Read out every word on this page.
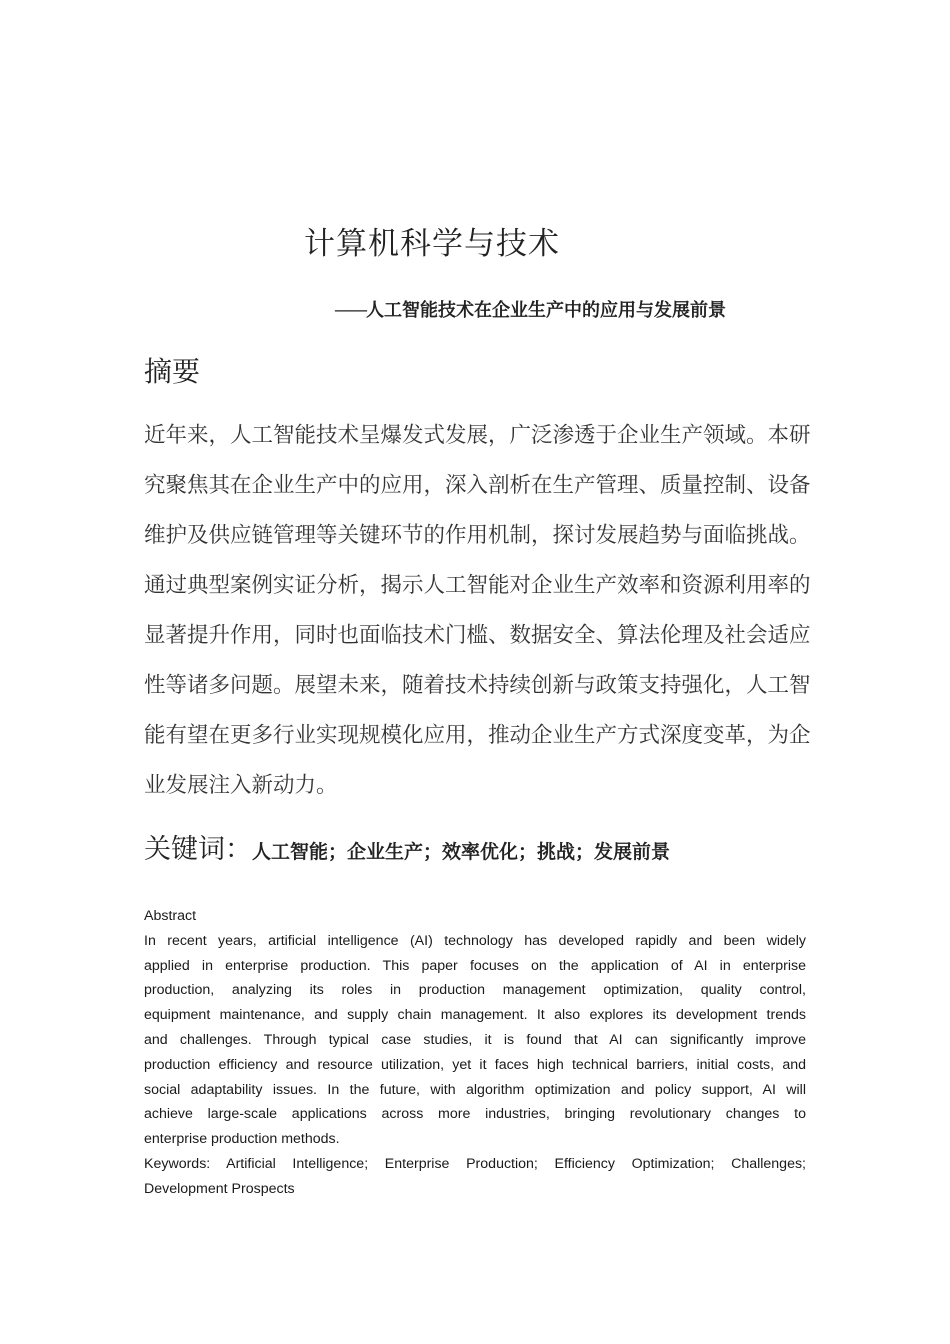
计算机科学与技术
——人工智能技术在企业生产中的应用与发展前景
摘要
近年来，人工智能技术呈爆发式发展，广泛渗透于企业生产领域。本研
究聚焦其在企业生产中的应用，深入剖析在生产管理、质量控制、设备
维护及供应链管理等关键环节的作用机制，探讨发展趋势与面临挑战。
通过典型案例实证分析，揭示人工智能对企业生产效率和资源利用率的
显著提升作用，同时也面临技术门槛、数据安全、算法伦理及社会适应
性等诸多问题。展望未来，随着技术持续创新与政策支持强化，人工智
能有望在更多行业实现规模化应用，推动企业生产方式深度变革，为企
业发展注入新动力。
关键词：人工智能；企业生产；效率优化；挑战；发展前景
Abstract
In recent years, artificial intelligence (AI) technology has developed rapidly and been widely
applied in enterprise production. This paper focuses on the application of AI in enterprise
production, analyzing its roles in production management optimization, quality control,
equipment maintenance, and supply chain management. It also explores its development trends
and challenges. Through typical case studies, it is found that AI can significantly improve
production efficiency and resource utilization, yet it faces high technical barriers, initial costs, and
social adaptability issues. In the future, with algorithm optimization and policy support, AI will
achieve large-scale applications across more industries, bringing revolutionary changes to
enterprise production methods.
Keywords: Artificial Intelligence; Enterprise Production; Efficiency Optimization; Challenges;
Development Prospects
